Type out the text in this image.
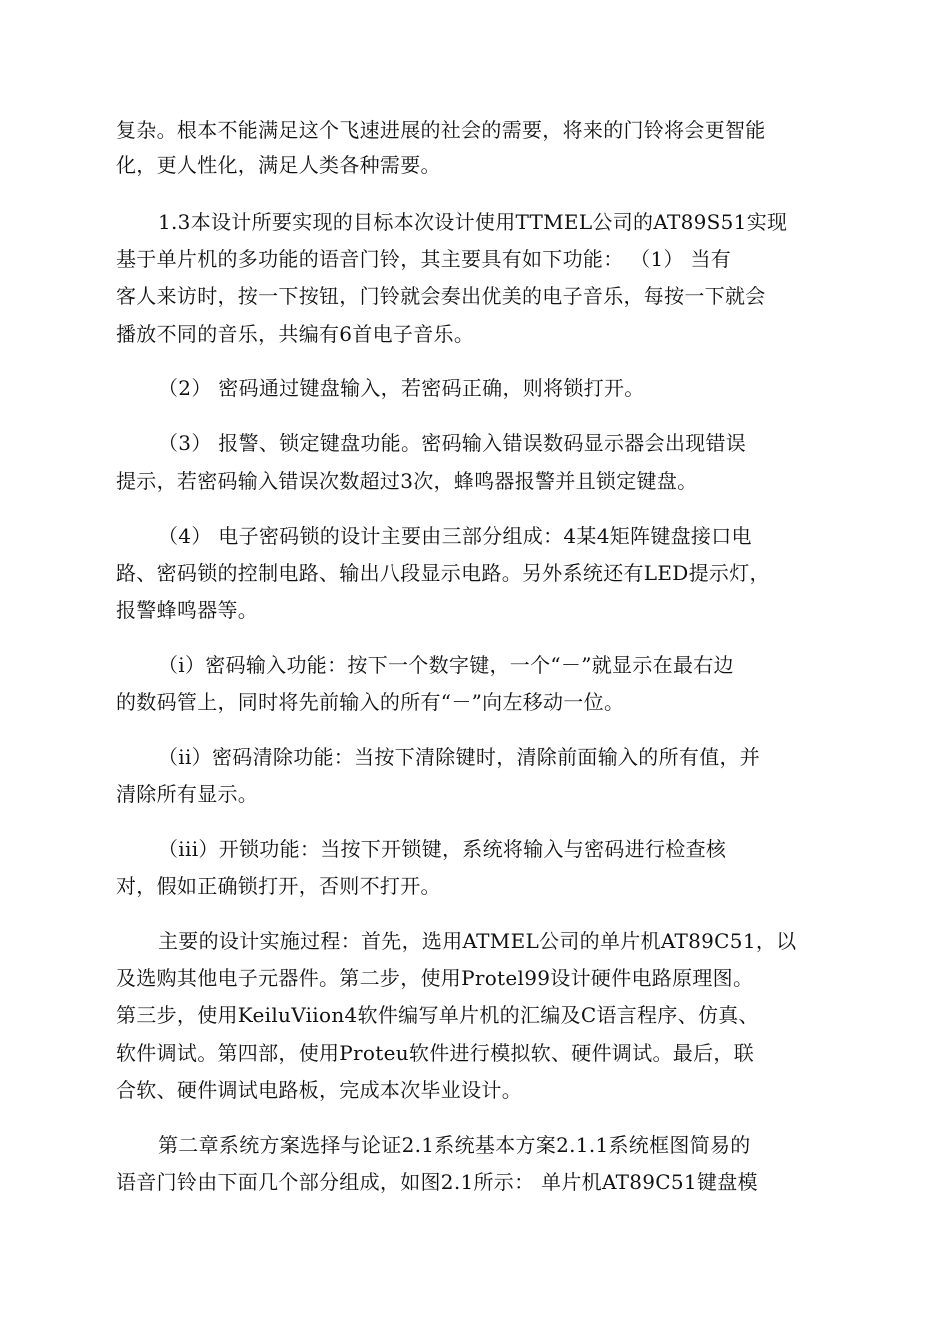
复杂。根本不能满足这个飞速进展的社会的需要，将来的门铃将会更智能

化，更人性化，满足人类各种需要。

1.3本设计所要实现的目标本次设计使用TTMEL公司的AT89S51实现

基于单片机的多功能的语音门铃，其主要具有如下功能： （1） 当有

客人来访时，按一下按钮，门铃就会奏出优美的电子音乐，每按一下就会

播放不同的音乐，共编有6首电子音乐。

（2） 密码通过键盘输入，若密码正确，则将锁打开。

（3） 报警、锁定键盘功能。密码输入错误数码显示器会出现错误

提示，若密码输入错误次数超过3次，蜂鸣器报警并且锁定键盘。

（4） 电子密码锁的设计主要由三部分组成：4某4矩阵键盘接口电

路、密码锁的控制电路、输出八段显示电路。另外系统还有LED提示灯，

报警蜂鸣器等。

（i）密码输入功能：按下一个数字键，一个“－”就显示在最右边

的数码管上，同时将先前输入的所有“－”向左移动一位。

（ii）密码清除功能：当按下清除键时，清除前面输入的所有值，并

清除所有显示。

（iii）开锁功能：当按下开锁键，系统将输入与密码进行检查核

对，假如正确锁打开，否则不打开。

主要的设计实施过程：首先，选用ATMEL公司的单片机AT89C51，以

及选购其他电子元器件。第二步，使用Protel99设计硬件电路原理图。

第三步，使用KeiluViion4软件编写单片机的汇编及C语言程序、仿真、

软件调试。第四部，使用Proteu软件进行模拟软、硬件调试。最后，联

合软、硬件调试电路板，完成本次毕业设计。

第二章系统方案选择与论证2.1系统基本方案2.1.1系统框图简易的

语音门铃由下面几个部分组成，如图2.1所示： 单片机AT89C51键盘模
